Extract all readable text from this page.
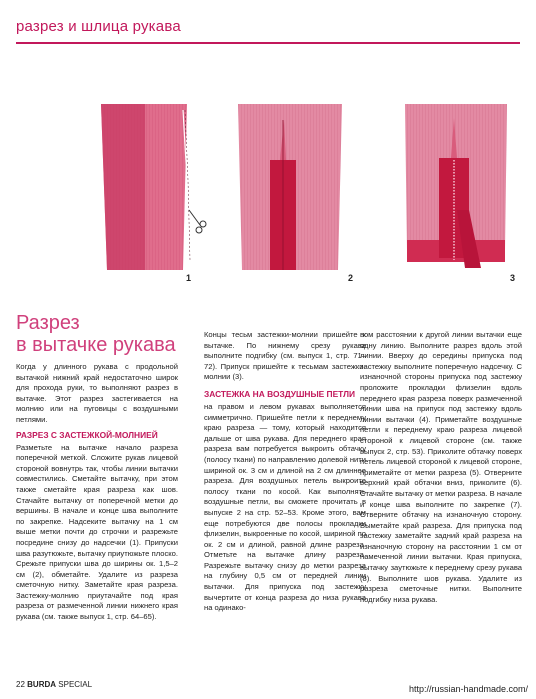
разрез и шлица рукава
1	2	3
Разрез
в вытачке рукава

Когда у длинного рукава с продольной вытачкой нижний край недостаточно широк для прохода руки, то выполняют разрез в вытачке. Этот разрез застегивается на молнию или на пуговицы с воздушными петлями.

РАЗРЕЗ С ЗАСТЕЖКОЙ-МОЛНИЕЙ

Разметьте на вытачке начало разреза поперечной меткой. Сложите рукав лицевой стороной вовнутрь так, чтобы линии вытачки совместились. Сметайте вытачку, при этом также сметайте края разреза как шов. Стачайте вытачку от поперечной метки до вершины. В начале и конце шва выполните по закрепке. Надсеките вытачку на 1 см выше метки почти до строчки и разрежьте посредине снизу до надсечки (1). Припуски шва разутюжьте, вытачку приутюжьте плоско. Срежьте припуски шва до ширины ок. 1,5–2 см (2), обметайте. Удалите из разреза сметочную нитку. Заметайте края разреза. Застежку-молнию приутачайте под края разреза от размеченной линии нижнего края рукава (см. также выпуск 1, стр. 64–65).

Концы тесьм застежки-молнии пришейте к вытачке. По нижнему срезу рукава выполните подгибку (см. выпуск 1, стр. 71–72). Припуск пришейте к тесьмам застежки-молнии (3).

ЗАСТЕЖКА НА ВОЗДУШНЫЕ ПЕТЛИ

на правом и левом рукавах выполняется симметрично. Пришейте петли к переднему краю разреза — тому, который находится дальше от шва рукава. Для переднего края разреза вам потребуется выкроить обтачку (полосу ткани) по направлению долевой нити шириной ок. 3 см и длиной на 2 см длиннее разреза. Для воздушных петель выкроите полосу ткани по косой. Как выполнять воздушные петли, вы сможете прочитать в выпуске 2 на стр. 52–53. Кроме этого, вам еще потребуются две полосы прокладки флизелин, выкроенные по косой, шириной по ок. 2 см и длиной, равной длине разреза. Отметьте на вытачке длину разреза. Разрежьте вытачку снизу до метки разреза на глубину 0,5 см от передней линии вытачки. Для припуска под застежку вычертите от конца разреза до низа рукава на одинако-

вом расстоянии к другой линии вытачки еще одну линию. Выполните разрез вдоль этой линии. Вверху до середины припуска под застежку выполните поперечную надсечку. С изнаночной стороны припуска под застежку проложите прокладки флизелин вдоль переднего края разреза поверх размеченной линии шва на припуск под застежку вдоль линии вытачки (4). Приметайте воздушные петли к переднему краю разреза лицевой стороной к лицевой стороне (см. также выпуск 2, стр. 53). Приколите обтачку поверх петель лицевой стороной к лицевой стороне, приметайте от метки разреза (5). Отверните верхний край обтачки вниз, приколите (6). Стачайте вытачку от метки разреза. В начале и конце шва выполните по закрепке (7). Отверните обтачку на изнаночную сторону. Выметайте край разреза. Для припуска под застежку заметайте задний край разреза на изнаночную сторону на расстоянии 1 см от намеченной линии вытачки. Края припуска, вытачку заутюжьте к переднему срезу рукава (8). Выполните шов рукава. Удалите из разреза сметочные нитки. Выполните подгибку низа рукава.

22 BURDA SPECIAL	http://russian-handmade.com/
